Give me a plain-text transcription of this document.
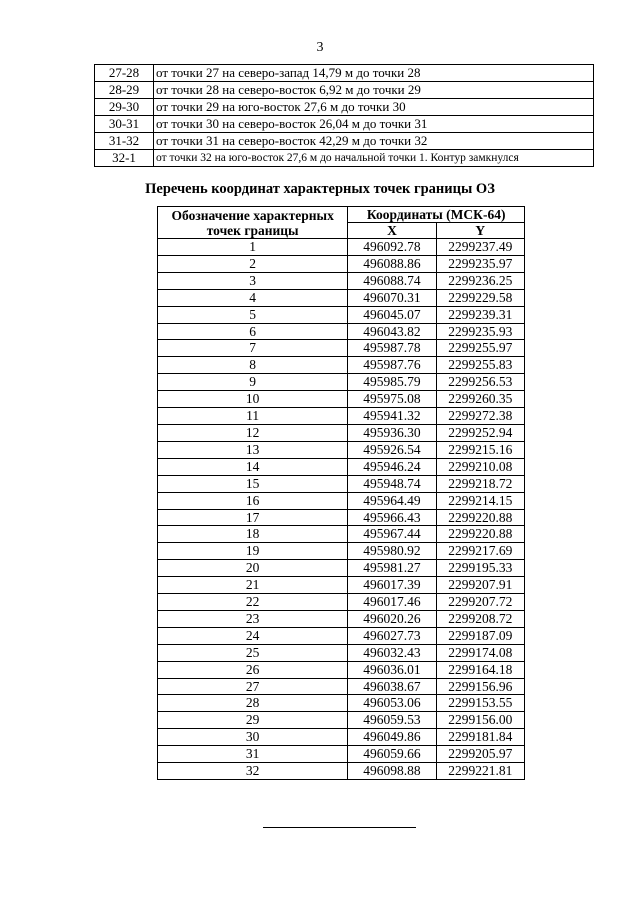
3
27-28	от точки 27 на северо-запад 14,79 м до точки 28
28-29	от точки 28 на северо-восток 6,92 м до точки 29
29-30	от точки 29 на юго-восток 27,6 м до точки 30
30-31	от точки 30 на северо-восток 26,04 м до точки 31
31-32	от точки 31 на северо-восток 42,29 м до точки 32
32-1	от точки 32 на юго-восток 27,6 м до начальной точки 1. Контур замкнулся
Перечень координат характерных точек границы ОЗ
Обозначение характерных точек границы	Координаты (МСК-64)	
	X	Y
1	496092.78	2299237.49
2	496088.86	2299235.97
3	496088.74	2299236.25
4	496070.31	2299229.58
5	496045.07	2299239.31
6	496043.82	2299235.93
7	495987.78	2299255.97
8	495987.76	2299255.83
9	495985.79	2299256.53
10	495975.08	2299260.35
11	495941.32	2299272.38
12	495936.30	2299252.94
13	495926.54	2299215.16
14	495946.24	2299210.08
15	495948.74	2299218.72
16	495964.49	2299214.15
17	495966.43	2299220.88
18	495967.44	2299220.88
19	495980.92	2299217.69
20	495981.27	2299195.33
21	496017.39	2299207.91
22	496017.46	2299207.72
23	496020.26	2299208.72
24	496027.73	2299187.09
25	496032.43	2299174.08
26	496036.01	2299164.18
27	496038.67	2299156.96
28	496053.06	2299153.55
29	496059.53	2299156.00
30	496049.86	2299181.84
31	496059.66	2299205.97
32	496098.88	2299221.81
